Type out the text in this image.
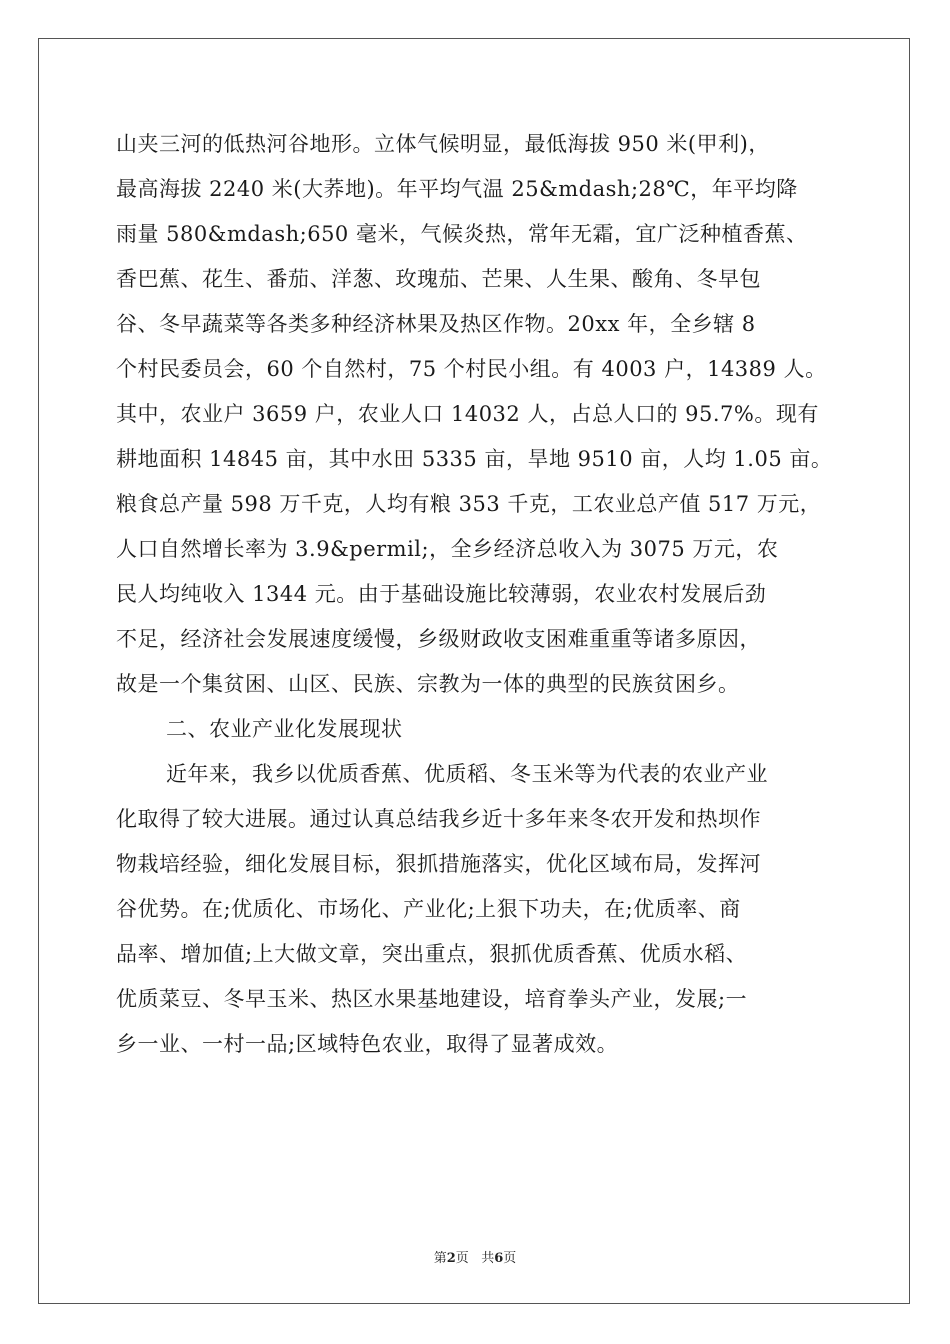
山夹三河的低热河谷地形。立体气候明显，最低海拔 950 米(甲利)，
最高海拔 2240 米(大荞地)。年平均气温 25&mdash;28℃，年平均降
雨量 580&mdash;650 毫米，气候炎热，常年无霜，宜广泛种植香蕉、
香巴蕉、花生、番茄、洋葱、玫瑰茄、芒果、人生果、酸角、冬早包
谷、冬早蔬菜等各类多种经济林果及热区作物。20xx 年，全乡辖 8
个村民委员会，60 个自然村，75 个村民小组。有 4003 户，14389 人。
其中，农业户 3659 户，农业人口 14032 人，占总人口的 95.7%。现有
耕地面积 14845 亩，其中水田 5335 亩，旱地 9510 亩，人均 1.05 亩。
粮食总产量 598 万千克，人均有粮 353 千克，工农业总产值 517 万元，
人口自然增长率为 3.9&permil;，全乡经济总收入为 3075 万元，农
民人均纯收入 1344 元。由于基础设施比较薄弱，农业农村发展后劲
不足，经济社会发展速度缓慢，乡级财政收支困难重重等诸多原因，
故是一个集贫困、山区、民族、宗教为一体的典型的民族贫困乡。
二、农业产业化发展现状
近年来，我乡以优质香蕉、优质稻、冬玉米等为代表的农业产业
化取得了较大进展。通过认真总结我乡近十多年来冬农开发和热坝作
物栽培经验，细化发展目标，狠抓措施落实，优化区域布局，发挥河
谷优势。在;优质化、市场化、产业化;上狠下功夫，在;优质率、商
品率、增加值;上大做文章，突出重点，狠抓优质香蕉、优质水稻、
优质菜豆、冬早玉米、热区水果基地建设，培育拳头产业，发展;一
乡一业、一村一品;区域特色农业，取得了显著成效。
第2页 共6页
